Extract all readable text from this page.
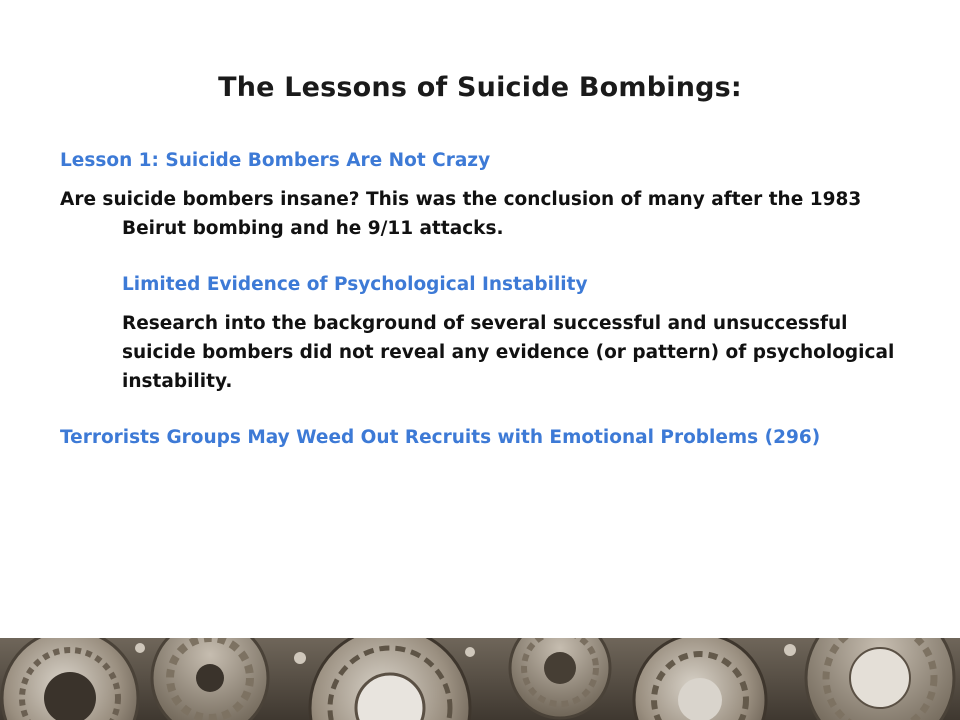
The Lessons of Suicide Bombings:

Lesson 1: Suicide Bombers Are Not Crazy

Are suicide bombers insane? This was the conclusion of many after the 1983 Beirut bombing and he 9/11 attacks.

Limited Evidence of Psychological Instability

Research into the background of several successful and unsuccessful suicide bombers did not reveal any evidence (or pattern) of psychological instability.

Terrorists Groups May Weed Out Recruits with Emotional Problems (296)
